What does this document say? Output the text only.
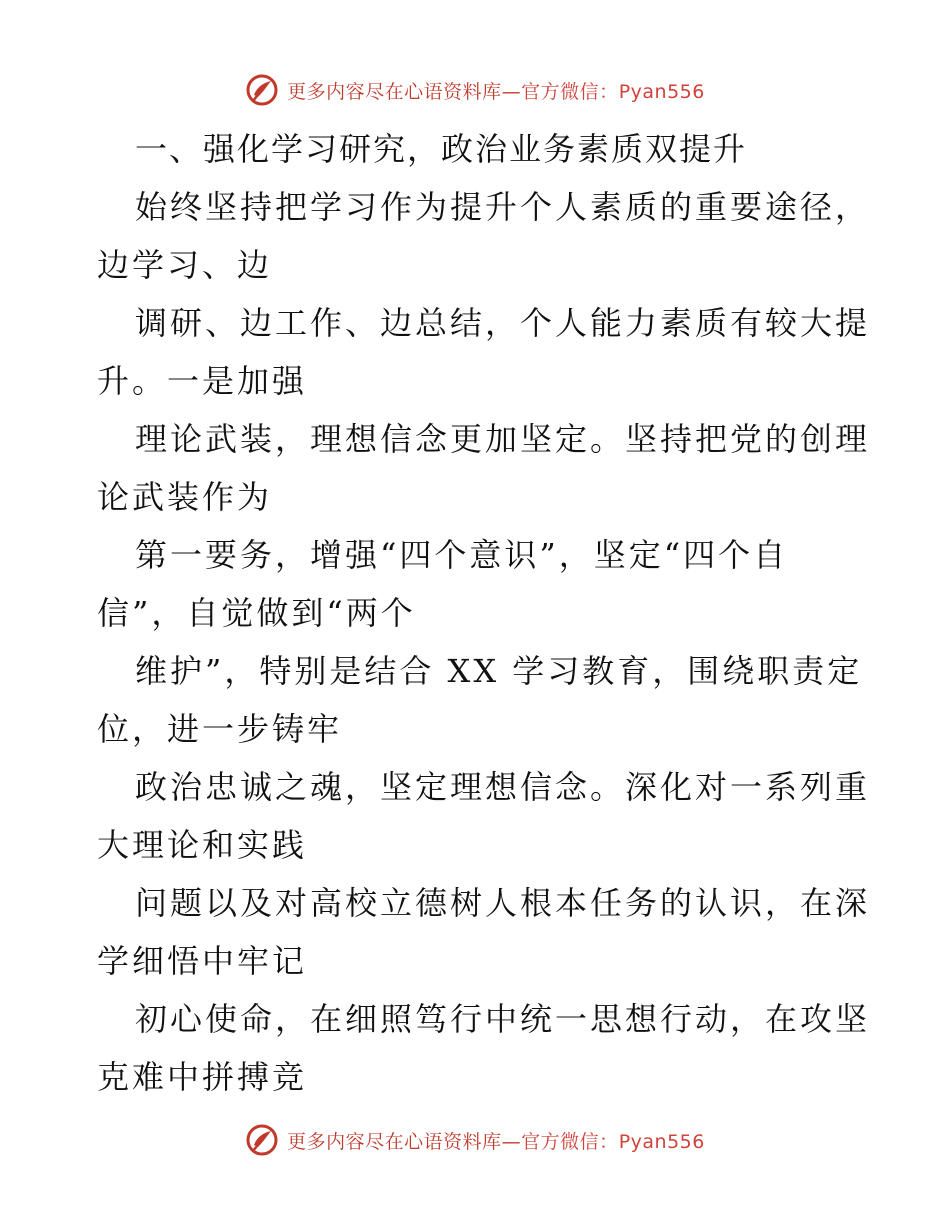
更多内容尽在心语资料库—官方微信：Pyan556
一、强化学习研究，政治业务素质双提升
始终坚持把学习作为提升个人素质的重要途径，
边学习、边
调研、边工作、边总结，个人能力素质有较大提
升。一是加强
理论武装，理想信念更加坚定。坚持把党的创理
论武装作为
第一要务，增强“四个意识”，坚定“四个自
信”，自觉做到“两个
维护”，特别是结合 XX 学习教育，围绕职责定
位，进一步铸牢
政治忠诚之魂，坚定理想信念。深化对一系列重
大理论和实践
问题以及对高校立德树人根本任务的认识，在深
学细悟中牢记
初心使命，在细照笃行中统一思想行动，在攻坚
克难中拼搏竞
更多内容尽在心语资料库—官方微信：Pyan556
